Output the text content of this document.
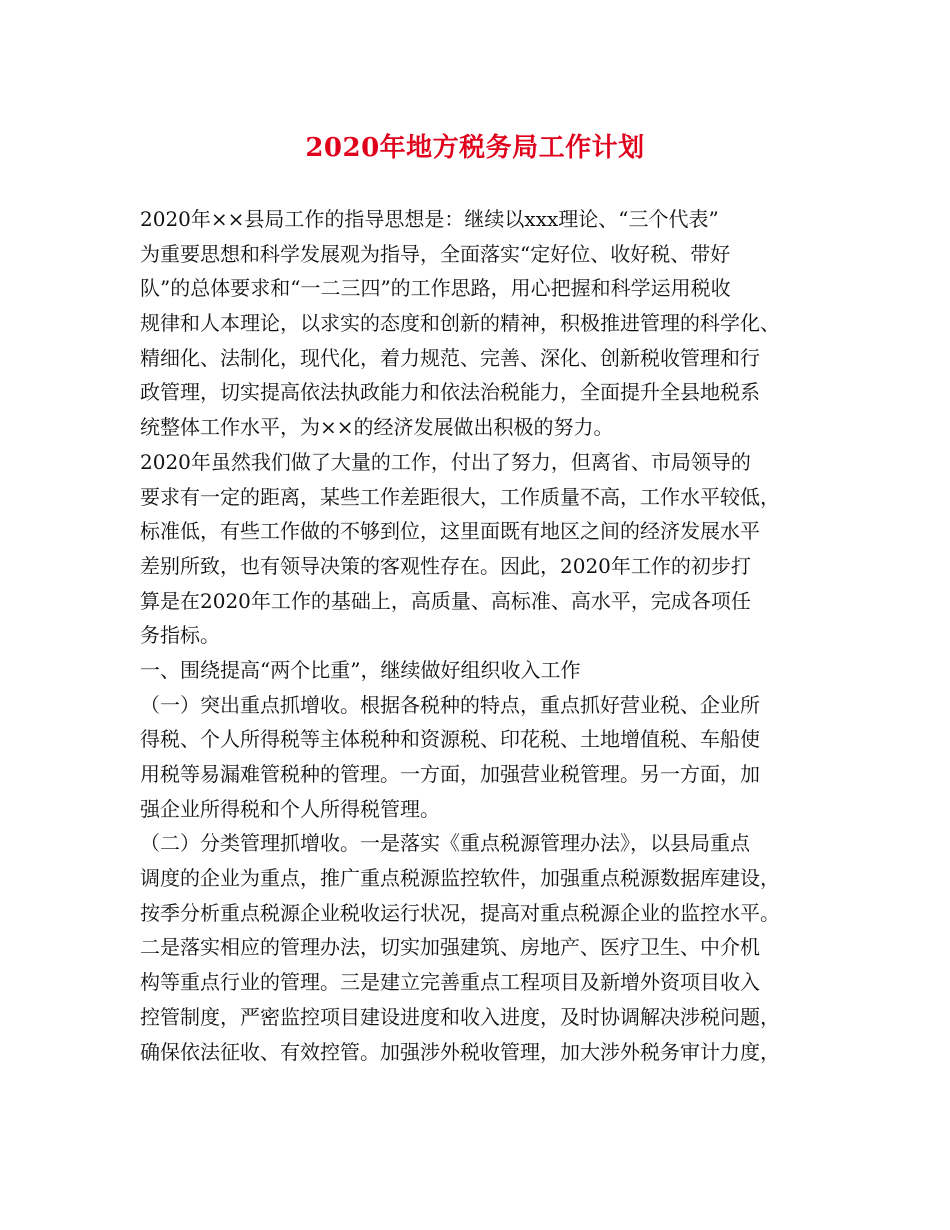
2020年地方税务局工作计划
2020年××县局工作的指导思想是：继续以xxx理论、“三个代表”
为重要思想和科学发展观为指导，全面落实“定好位、收好税、带好
队”的总体要求和“一二三四”的工作思路，用心把握和科学运用税收
规律和人本理论，以求实的态度和创新的精神，积极推进管理的科学化、
精细化、法制化，现代化，着力规范、完善、深化、创新税收管理和行
政管理，切实提高依法执政能力和依法治税能力，全面提升全县地税系
统整体工作水平，为××的经济发展做出积极的努力。
2020年虽然我们做了大量的工作，付出了努力，但离省、市局领导的
要求有一定的距离，某些工作差距很大，工作质量不高，工作水平较低，
标准低，有些工作做的不够到位，这里面既有地区之间的经济发展水平
差别所致，也有领导决策的客观性存在。因此，2020年工作的初步打
算是在2020年工作的基础上，高质量、高标准、高水平，完成各项任
务指标。
一、围绕提高“两个比重”，继续做好组织收入工作
（一）突出重点抓增收。根据各税种的特点，重点抓好营业税、企业所
得税、个人所得税等主体税种和资源税、印花税、土地增值税、车船使
用税等易漏难管税种的管理。一方面，加强营业税管理。另一方面，加
强企业所得税和个人所得税管理。
（二）分类管理抓增收。一是落实《重点税源管理办法》，以县局重点
调度的企业为重点，推广重点税源监控软件，加强重点税源数据库建设，
按季分析重点税源企业税收运行状况，提高对重点税源企业的监控水平。
二是落实相应的管理办法，切实加强建筑、房地产、医疗卫生、中介机
构等重点行业的管理。三是建立完善重点工程项目及新增外资项目收入
控管制度，严密监控项目建设进度和收入进度，及时协调解决涉税问题，
确保依法征收、有效控管。加强涉外税收管理，加大涉外税务审计力度，
